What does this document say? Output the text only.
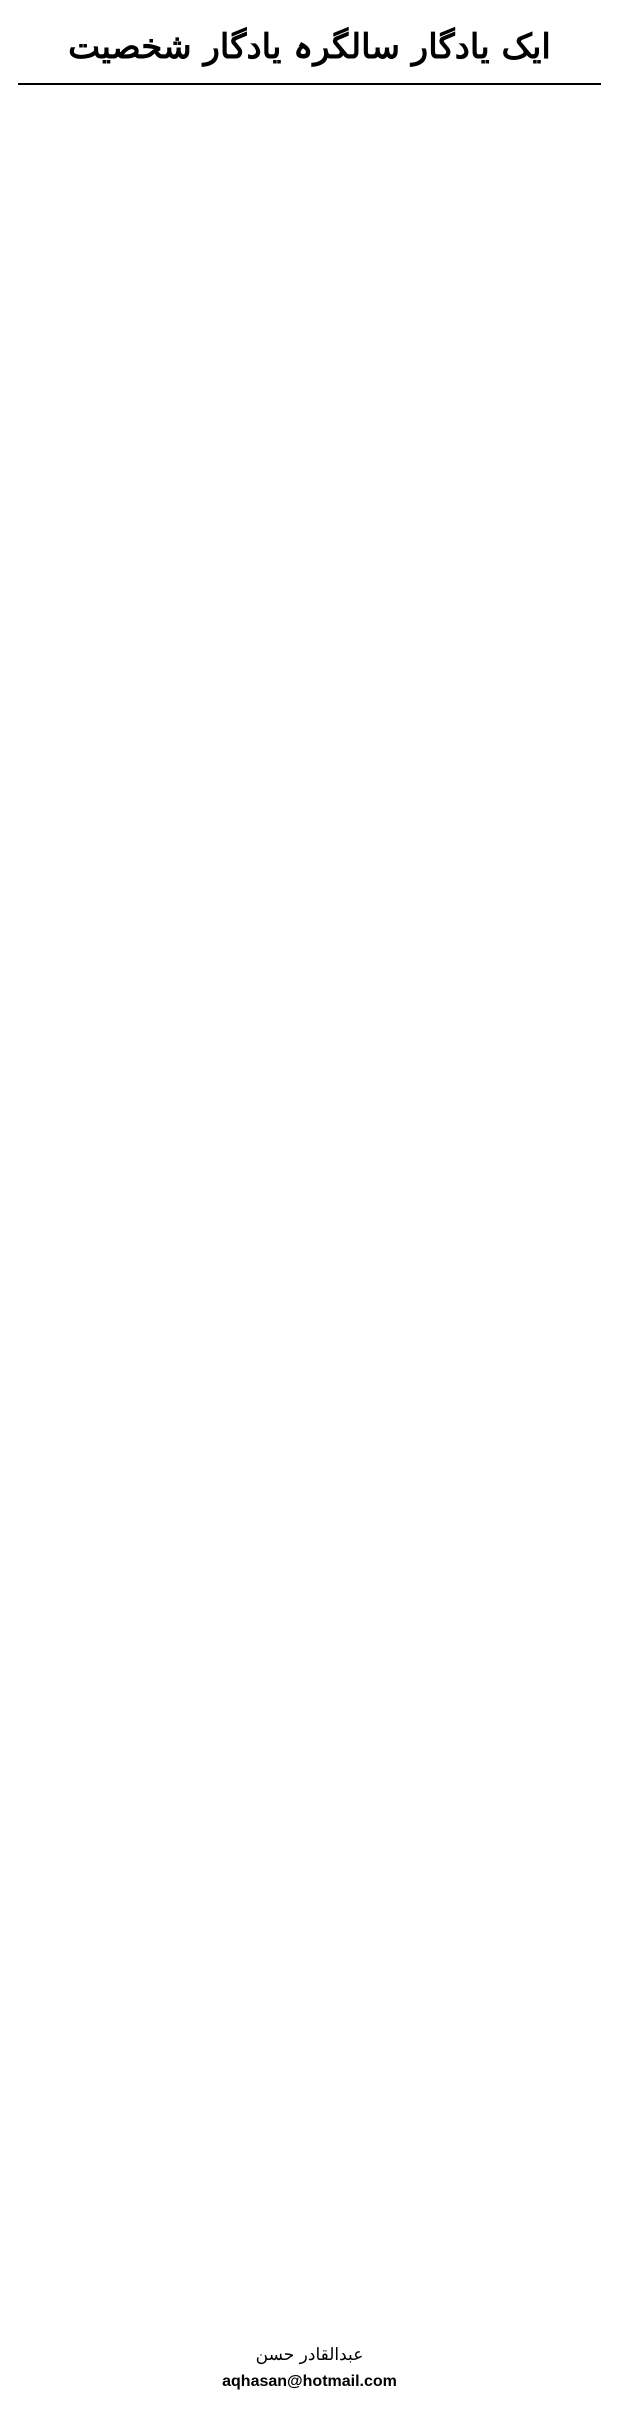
ایک یادگار سالگرہ یادگار شخصیت

عبدالقادر حسن

aqhasan@hotmail.com
